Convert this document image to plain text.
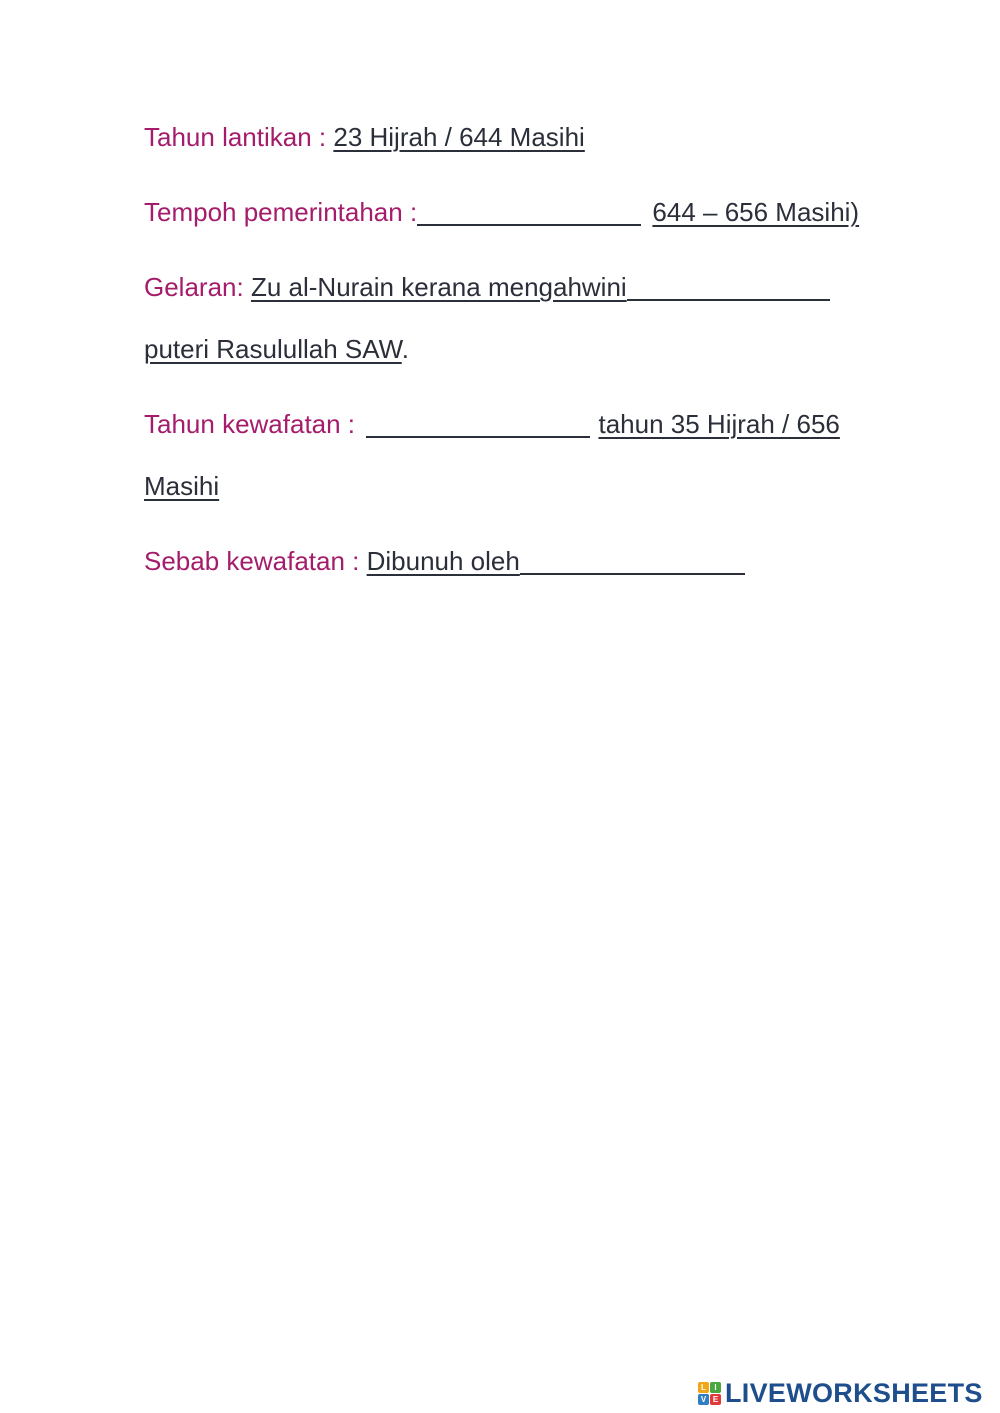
Tahun lantikan : 23 Hijrah / 644 Masihi
Tempoh pemerintahan :	644 – 656 Masihi)
Gelaran: Zu al-Nurain kerana mengahwini
puteri Rasulullah SAW.
Tahun kewafatan :	tahun 35 Hijrah / 656
Masihi
Sebab kewafatan : Dibunuh oleh
L	I
V E LIVEWORKSHEETS
